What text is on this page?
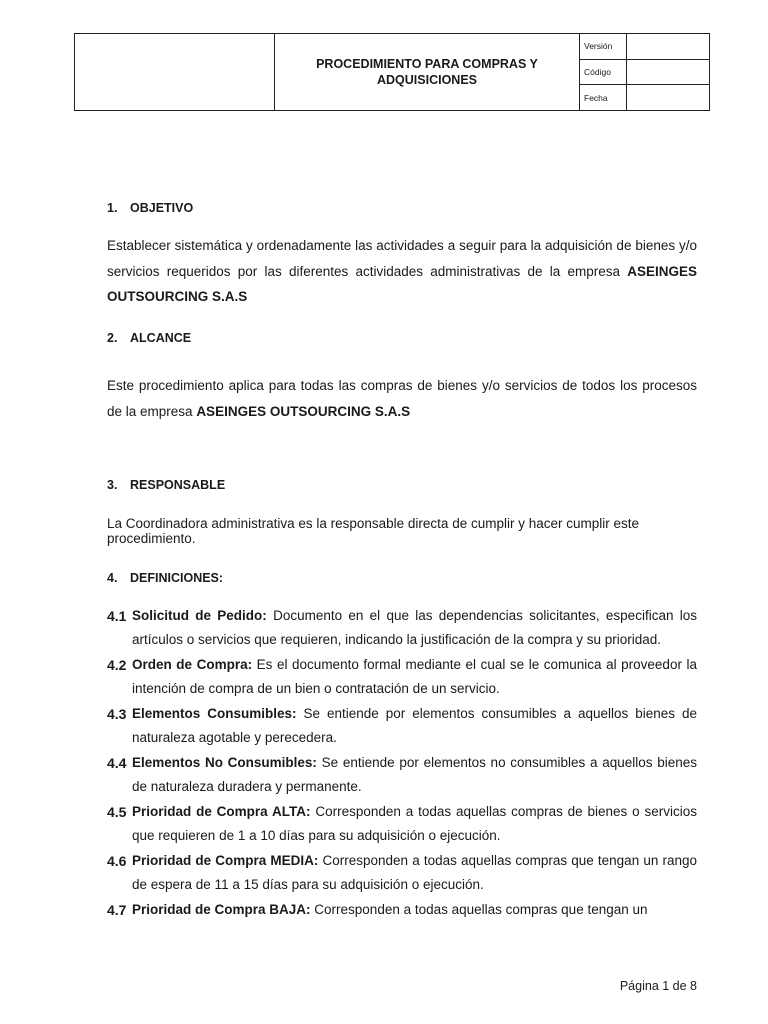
PROCEDIMIENTO PARA COMPRAS Y ADQUISICIONES
Versión
Código
Fecha
1. OBJETIVO
Establecer sistemática y ordenadamente las actividades a seguir para la adquisición de bienes y/o servicios requeridos por las diferentes actividades administrativas de la empresa ASEINGES OUTSOURCING S.A.S
2. ALCANCE
Este procedimiento aplica para todas las compras de bienes y/o servicios de todos los procesos de la empresa ASEINGES OUTSOURCING S.A.S
3. RESPONSABLE
La Coordinadora administrativa es la responsable directa de cumplir y hacer cumplir este procedimiento.
4. DEFINICIONES:
4.1 Solicitud de Pedido: Documento en el que las dependencias solicitantes, especifican los artículos o servicios que requieren, indicando la justificación de la compra y su prioridad.
4.2 Orden de Compra: Es el documento formal mediante el cual se le comunica al proveedor la intención de compra de un bien o contratación de un servicio.
4.3 Elementos Consumibles: Se entiende por elementos consumibles a aquellos bienes de naturaleza agotable y perecedera.
4.4 Elementos No Consumibles: Se entiende por elementos no consumibles a aquellos bienes de naturaleza duradera y permanente.
4.5 Prioridad de Compra ALTA: Corresponden a todas aquellas compras de bienes o servicios que requieren de 1 a 10 días para su adquisición o ejecución.
4.6 Prioridad de Compra MEDIA: Corresponden a todas aquellas compras que tengan un rango de espera de 11 a 15 días para su adquisición o ejecución.
4.7 Prioridad de Compra BAJA: Corresponden a todas aquellas compras que tengan un
Página 1 de 8
